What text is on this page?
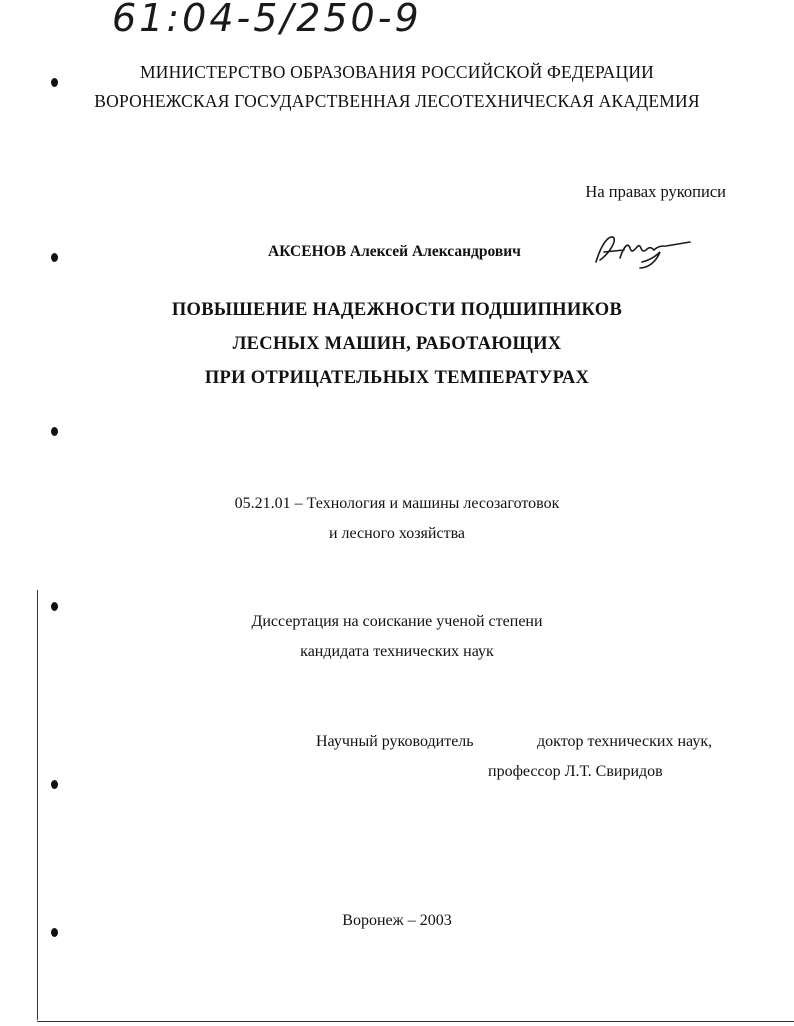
61:04-5/250-9
МИНИСТЕРСТВО ОБРАЗОВАНИЯ РОССИЙСКОЙ ФЕДЕРАЦИИ
ВОРОНЕЖСКАЯ ГОСУДАРСТВЕННАЯ ЛЕСОТЕХНИЧЕСКАЯ АКАДЕМИЯ
На правах рукописи
АКСЕНОВ Алексей Александрович
ПОВЫШЕНИЕ НАДЕЖНОСТИ ПОДШИПНИКОВ
ЛЕСНЫХ МАШИН, РАБОТАЮЩИХ
ПРИ ОТРИЦАТЕЛЬНЫХ ТЕМПЕРАТУРАХ
05.21.01 – Технология и машины лесозаготовок
и лесного хозяйства
Диссертация на соискание ученой степени
кандидата технических наук
Научный руководитель	доктор технических наук,
профессор Л.Т. Свиридов
Воронеж – 2003
